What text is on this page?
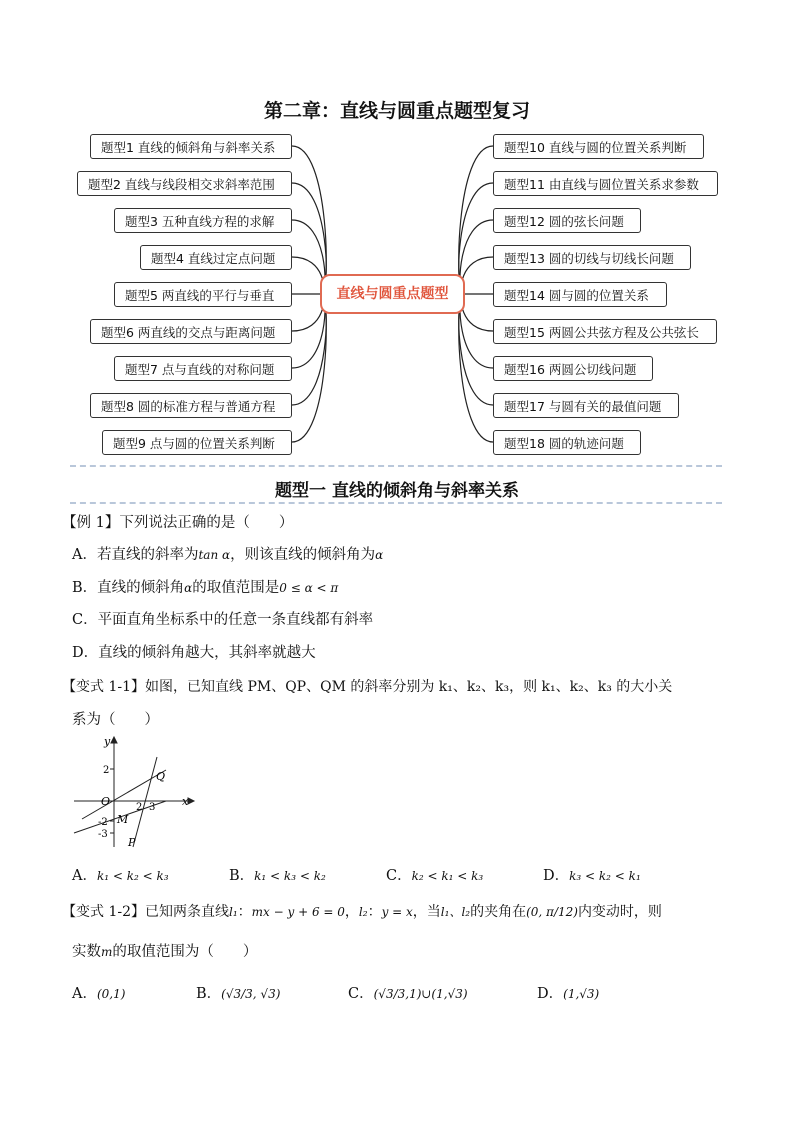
第二章：直线与圆重点题型复习
题型1 直线的倾斜角与斜率关系
题型2 直线与线段相交求斜率范围
题型3 五种直线方程的求解
题型4 直线过定点问题
题型5 两直线的平行与垂直
题型6 两直线的交点与距离问题
题型7 点与直线的对称问题
题型8 圆的标准方程与普通方程
题型9 点与圆的位置关系判断
直线与圆重点题型
题型10 直线与圆的位置关系判断
题型11 由直线与圆位置关系求参数
题型12 圆的弦长问题
题型13 圆的切线与切线长问题
题型14 圆与圆的位置关系
题型15 两圆公共弦方程及公共弦长
题型16 两圆公切线问题
题型17 与圆有关的最值问题
题型18 圆的轨迹问题
题型一 直线的倾斜角与斜率关系
【例 1】下列说法正确的是（　　）
A．若直线的斜率为tan α，则该直线的倾斜角为α
B．直线的倾斜角α的取值范围是0 ≤ α < π
C．平面直角坐标系中的任意一条直线都有斜率
D．直线的倾斜角越大，其斜率就越大
【变式 1-1】如图，已知直线 PM、QP、QM 的斜率分别为 k₁、k₂、k₃，则 k₁、k₂、k₃ 的大小关
系为（　　）
y
x
2
O	2 3
-2
-3
Q
M
P
A．k₁ < k₂ < k₃	B．k₁ < k₃ < k₂	C．k₂ < k₁ < k₃	D．k₃ < k₂ < k₁
【变式 1-2】已知两条直线l₁：mx − y + 6 = 0，l₂：y = x，当l₁、l₂的夹角在(0, π/12)内变动时，则
实数m的取值范围为（　　）
A．(0,1)	B．(√3/3, √3)	C．(√3/3,1)∪(1,√3)	D．(1,√3)
